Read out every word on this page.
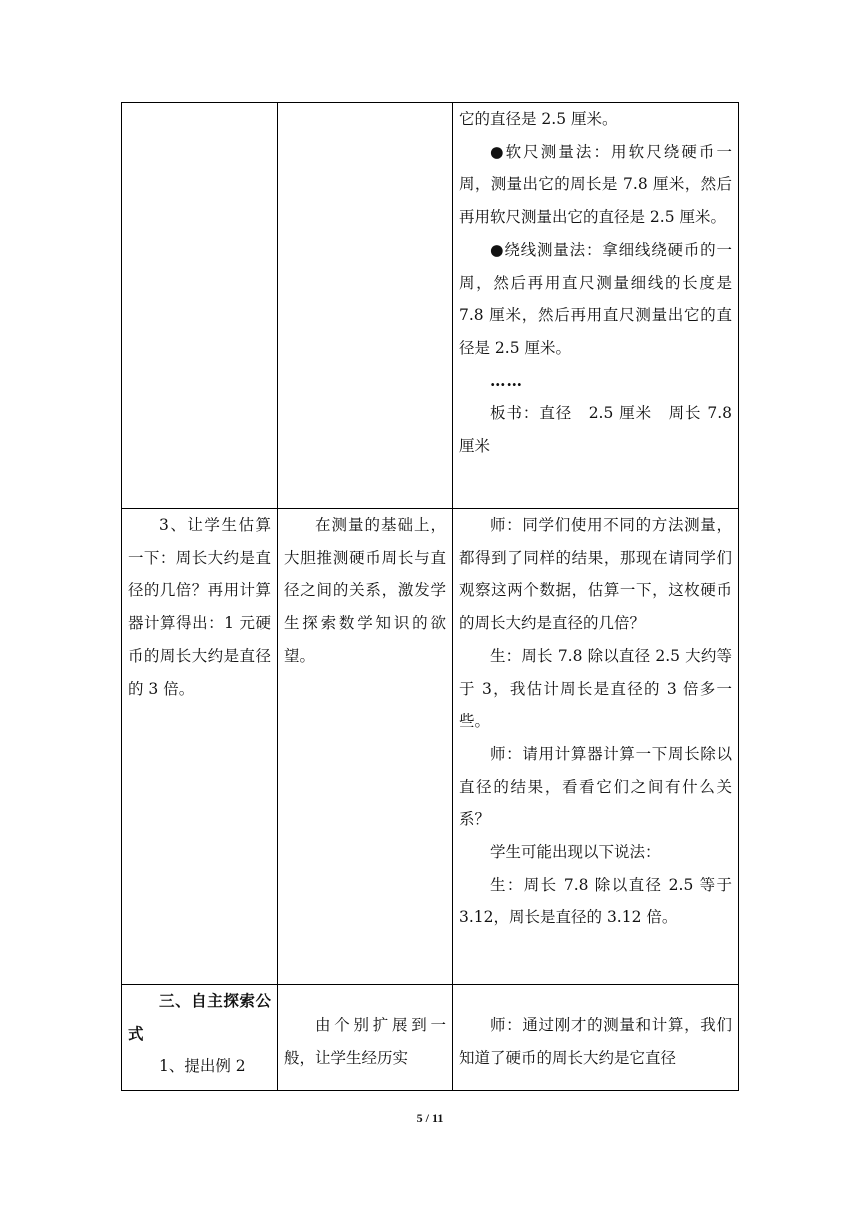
		它的直径是 2.5 厘米。

●软尺测量法：用软尺绕硬币一周，测量出它的周长是 7.8 厘米，然后再用软尺测量出它的直径是 2.5 厘米。

●绕线测量法：拿细线绕硬币的一周，然后再用直尺测量细线的长度是 7.8 厘米，然后再用直尺测量出它的直径是 2.5 厘米。

……

板书：直径　2.5 厘米　周长 7.8 厘米

3、让学生估算一下：周长大约是直径的几倍？再用计算器计算得出：1 元硬币的周长大约是直径的 3 倍。	在测量的基础上，大胆推测硬币周长与直径之间的关系，激发学生探索数学知识的欲望。	师：同学们使用不同的方法测量，都得到了同样的结果，那现在请同学们观察这两个数据，估算一下，这枚硬币的周长大约是直径的几倍？

生：周长 7.8 除以直径 2.5 大约等于 3，我估计周长是直径的 3 倍多一些。

师：请用计算器计算一下周长除以直径的结果，看看它们之间有什么关系？

学生可能出现以下说法：

生：周长 7.8 除以直径 2.5 等于 3.12，周长是直径的 3.12 倍。

三、自主探索公式

1、提出例 2	由个别扩展到一般，让学生经历实	师：通过刚才的测量和计算，我们知道了硬币的周长大约是它直径

5 / 11
